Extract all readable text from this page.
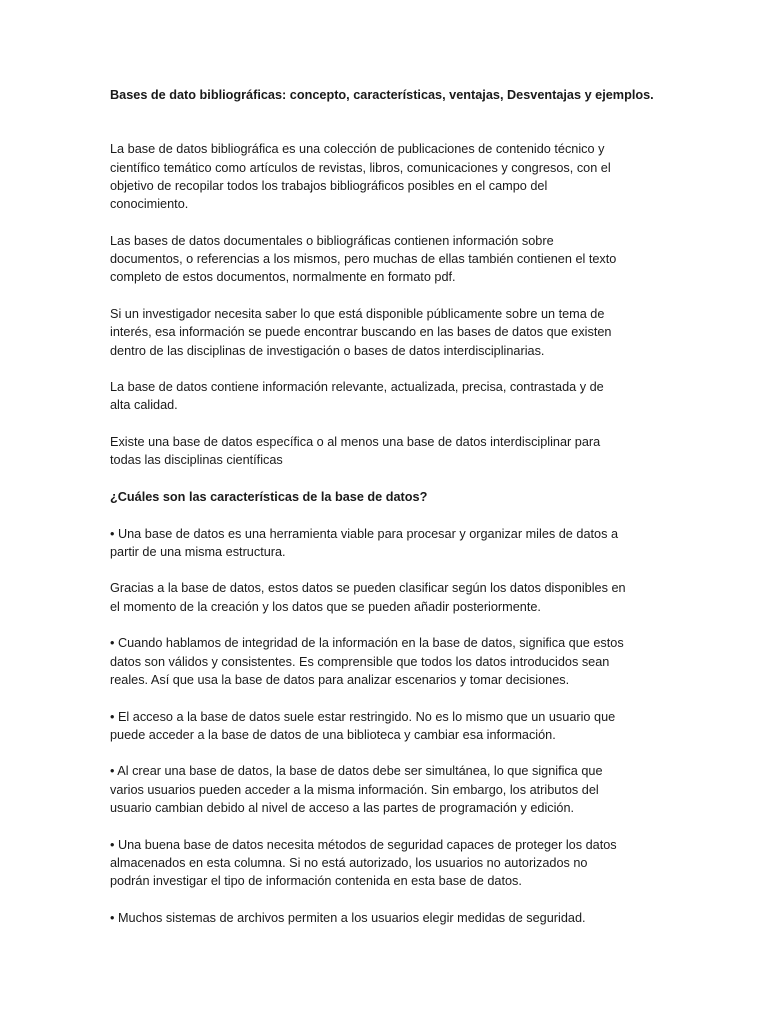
Bases de dato bibliográficas: concepto, características, ventajas, Desventajas y ejemplos.

La base de datos bibliográfica es una colección de publicaciones de contenido técnico y
científico temático como artículos de revistas, libros, comunicaciones y congresos, con el
objetivo de recopilar todos los trabajos bibliográficos posibles en el campo del
conocimiento.

Las bases de datos documentales o bibliográficas contienen información sobre
documentos, o referencias a los mismos, pero muchas de ellas también contienen el texto
completo de estos documentos, normalmente en formato pdf.

Si un investigador necesita saber lo que está disponible públicamente sobre un tema de
interés, esa información se puede encontrar buscando en las bases de datos que existen
dentro de las disciplinas de investigación o bases de datos interdisciplinarias.

La base de datos contiene información relevante, actualizada, precisa, contrastada y de
alta calidad.

Existe una base de datos específica o al menos una base de datos interdisciplinar para
todas las disciplinas científicas

¿Cuáles son las características de la base de datos?

• Una base de datos es una herramienta viable para procesar y organizar miles de datos a
partir de una misma estructura.

Gracias a la base de datos, estos datos se pueden clasificar según los datos disponibles en
el momento de la creación y los datos que se pueden añadir posteriormente.

• Cuando hablamos de integridad de la información en la base de datos, significa que estos
datos son válidos y consistentes. Es comprensible que todos los datos introducidos sean
reales. Así que usa la base de datos para analizar escenarios y tomar decisiones.

• El acceso a la base de datos suele estar restringido. No es lo mismo que un usuario que
puede acceder a la base de datos de una biblioteca y cambiar esa información.

• Al crear una base de datos, la base de datos debe ser simultánea, lo que significa que
varios usuarios pueden acceder a la misma información. Sin embargo, los atributos del
usuario cambian debido al nivel de acceso a las partes de programación y edición.

• Una buena base de datos necesita métodos de seguridad capaces de proteger los datos
almacenados en esta columna. Si no está autorizado, los usuarios no autorizados no
podrán investigar el tipo de información contenida en esta base de datos.

• Muchos sistemas de archivos permiten a los usuarios elegir medidas de seguridad.
